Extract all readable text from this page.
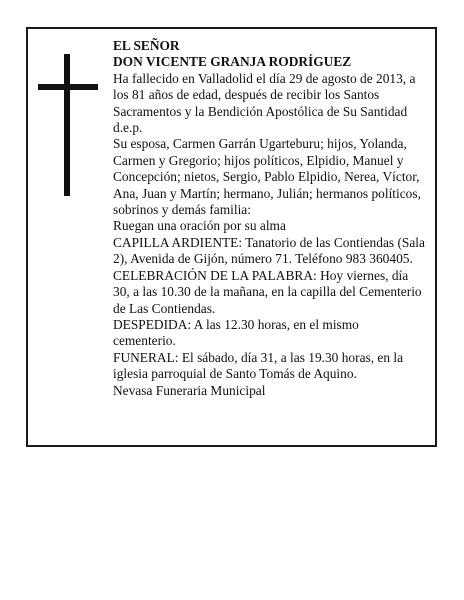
EL SEÑOR

DON VICENTE GRANJA RODRÍGUEZ

Ha fallecido en Valladolid el día 29 de agosto de 2013, a los 81 años de edad, después de recibir los Santos Sacramentos y la Bendición Apostólica de Su Santidad d.e.p.

Su esposa, Carmen Garrán Ugarteburu; hijos, Yolanda, Carmen y Gregorio; hijos políticos, Elpidio, Manuel y Concepción; nietos, Sergio, Pablo Elpidio, Nerea, Víctor, Ana, Juan y Martín; hermano, Julián; hermanos políticos, sobrinos y demás familia:

Ruegan una oración por su alma

CAPILLA ARDIENTE: Tanatorio de las Contiendas (Sala 2), Avenida de Gijón, número 71. Teléfono 983 360405.

CELEBRACIÓN DE LA PALABRA: Hoy viernes, día 30, a las 10.30 de la mañana, en la capilla del Cementerio de Las Contiendas.

DESPEDIDA: A las 12.30 horas, en el mismo cementerio.

FUNERAL: El sábado, día 31, a las 19.30 horas, en la iglesia parroquial de Santo Tomás de Aquino.

Nevasa Funeraria Municipal
